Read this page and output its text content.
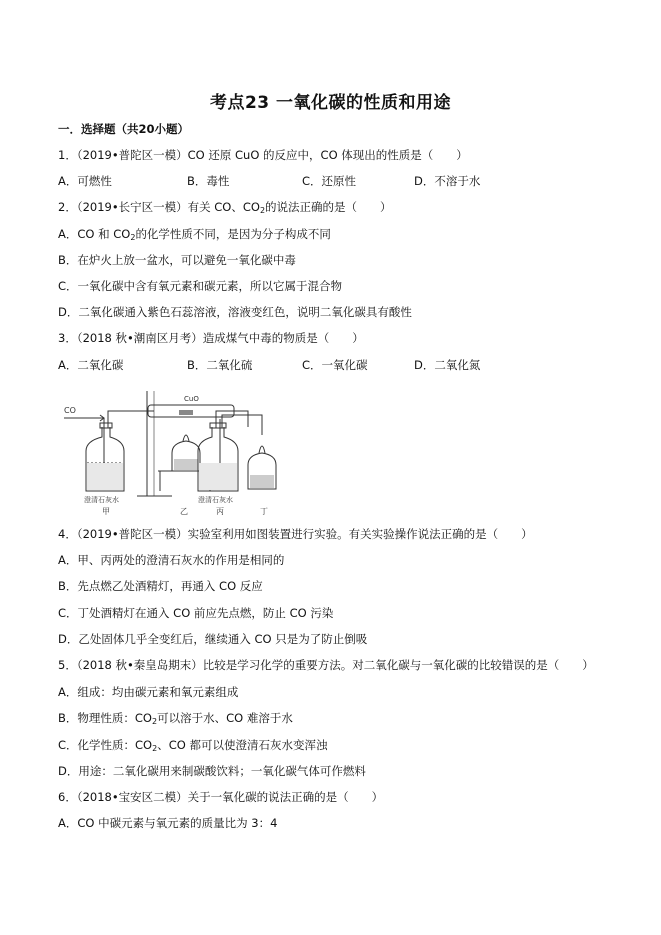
考点23 一氧化碳的性质和用途
一．选择题（共20小题）
1．（2019•普陀区一模）CO 还原 CuO 的反应中，CO 体现出的性质是（　　）
A．可燃性	B．毒性	C．还原性	D．不溶于水
2．（2019•长宁区一模）有关 CO、$CO_2$的说法正确的是（　　）
A．CO 和 $CO_2$的化学性质不同，是因为分子构成不同
B．在炉火上放一盆水，可以避免一氧化碳中毒
C．一氧化碳中含有氧元素和碳元素，所以它属于混合物
D．二氧化碳通入紫色石蕊溶液，溶液变红色，说明二氧化碳具有酸性
3．（2018 秋•潮南区月考）造成煤气中毒的物质是（　　）
A．二氧化碳	B．二氧化硫	C．一氧化碳	D．二氧化氮
CO
CuO
澄清石灰水	澄清石灰水
甲	乙	丙	丁
4．（2019•普陀区一模）实验室利用如图装置进行实验。有关实验操作说法正确的是（　　）
A．甲、丙两处的澄清石灰水的作用是相同的
B．先点燃乙处酒精灯，再通入 CO 反应
C．丁处酒精灯在通入 CO 前应先点燃，防止 CO 污染
D．乙处固体几乎全变红后，继续通入 CO 只是为了防止倒吸
5．（2018 秋•秦皇岛期末）比较是学习化学的重要方法。对二氧化碳与一氧化碳的比较错误的是（　　）
A．组成：均由碳元素和氧元素组成
B．物理性质：$CO_2$可以溶于水、CO 难溶于水
C．化学性质：$CO_2$、CO 都可以使澄清石灰水变浑浊
D．用途：二氧化碳用来制碳酸饮料；一氧化碳气体可作燃料
6．（2018•宝安区二模）关于一氧化碳的说法正确的是（　　）
A．CO 中碳元素与氧元素的质量比为 3：4
